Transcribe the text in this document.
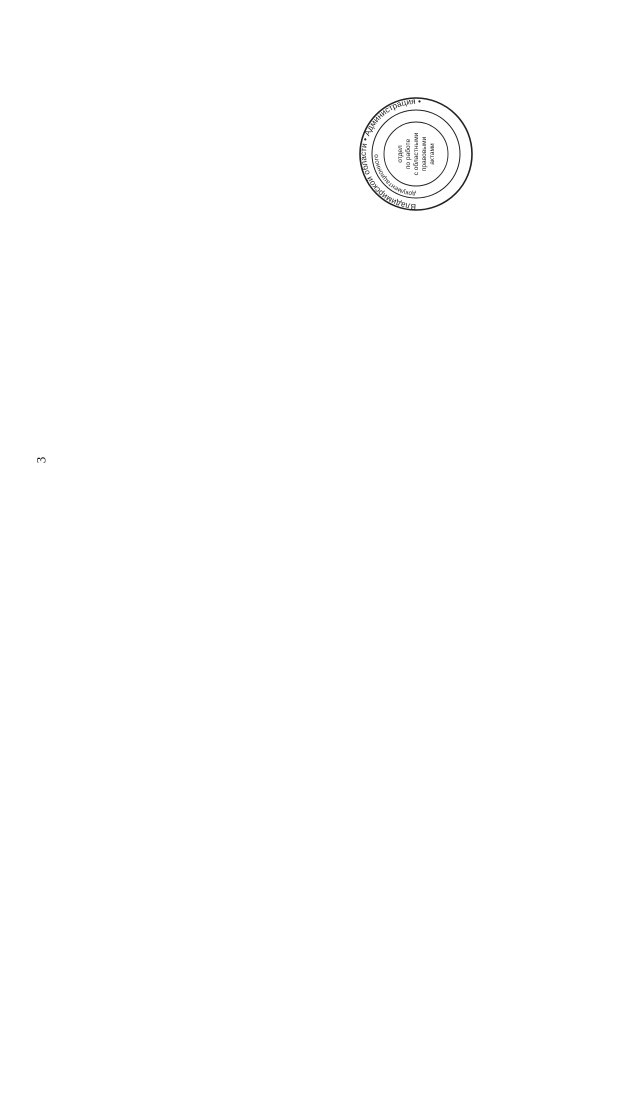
3

Владимирской области • Администрация •
документационного	отдел по работе с областными правовыми актами
